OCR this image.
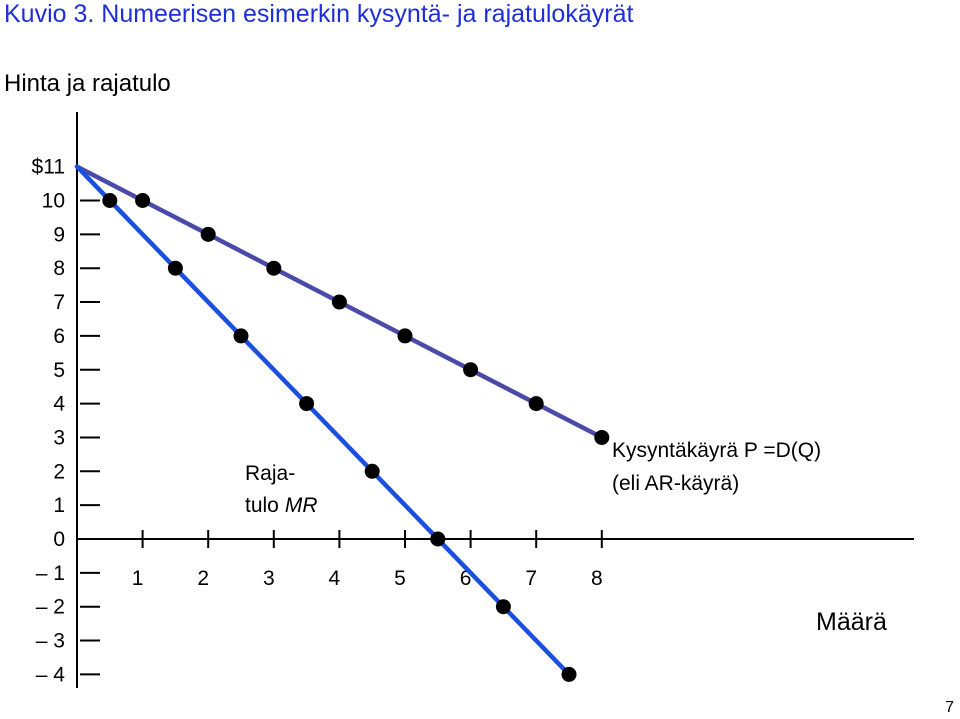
Kuvio 3. Numeerisen esimerkin kysyntä- ja rajatulokäyrät
Hinta ja rajatulo
$11
10
9
8
7
6
5
4
3
2
1
0
– 1
– 2
– 3
– 4
1	2	3	4	5	6	7	8
Määrä
Kysyntäkäyrä P =D(Q)
(eli AR-käyrä)
Raja-
tulo MR
7
